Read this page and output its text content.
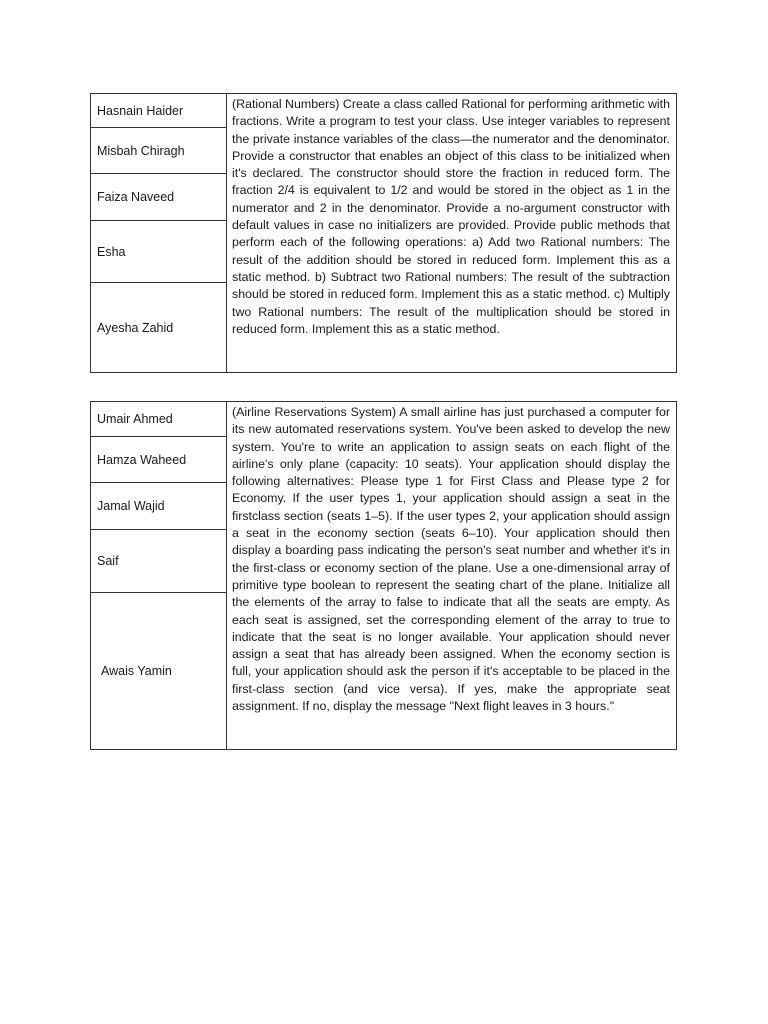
Hasnain Haider
Misbah Chiragh
Faiza Naveed
Esha
Ayesha Zahid
(Rational Numbers) Create a class called Rational for performing arithmetic with fractions. Write a program to test your class. Use integer variables to represent the private instance variables of the class—the numerator and the denominator. Provide a constructor that enables an object of this class to be initialized when it's declared. The constructor should store the fraction in reduced form. The fraction 2/4 is equivalent to 1/2 and would be stored in the object as 1 in the numerator and 2 in the denominator. Provide a no-argument constructor with default values in case no initializers are provided. Provide public methods that perform each of the following operations: a) Add two Rational numbers: The result of the addition should be stored in reduced form. Implement this as a static method. b) Subtract two Rational numbers: The result of the subtraction should be stored in reduced form. Implement this as a static method. c) Multiply two Rational numbers: The result of the multiplication should be stored in reduced form. Implement this as a static method.
Umair Ahmed
Hamza Waheed
Jamal Wajid
Saif
Awais Yamin
(Airline Reservations System) A small airline has just purchased a computer for its new automated reservations system. You've been asked to develop the new system. You're to write an application to assign seats on each flight of the airline's only plane (capacity: 10 seats). Your application should display the following alternatives: Please type 1 for First Class and Please type 2 for Economy. If the user types 1, your application should assign a seat in the firstclass section (seats 1–5). If the user types 2, your application should assign a seat in the economy section (seats 6–10). Your application should then display a boarding pass indicating the person's seat number and whether it's in the first-class or economy section of the plane. Use a one-dimensional array of primitive type boolean to represent the seating chart of the plane. Initialize all the elements of the array to false to indicate that all the seats are empty. As each seat is assigned, set the corresponding element of the array to true to indicate that the seat is no longer available. Your application should never assign a seat that has already been assigned. When the economy section is full, your application should ask the person if it's acceptable to be placed in the first-class section (and vice versa). If yes, make the appropriate seat assignment. If no, display the message "Next flight leaves in 3 hours."
